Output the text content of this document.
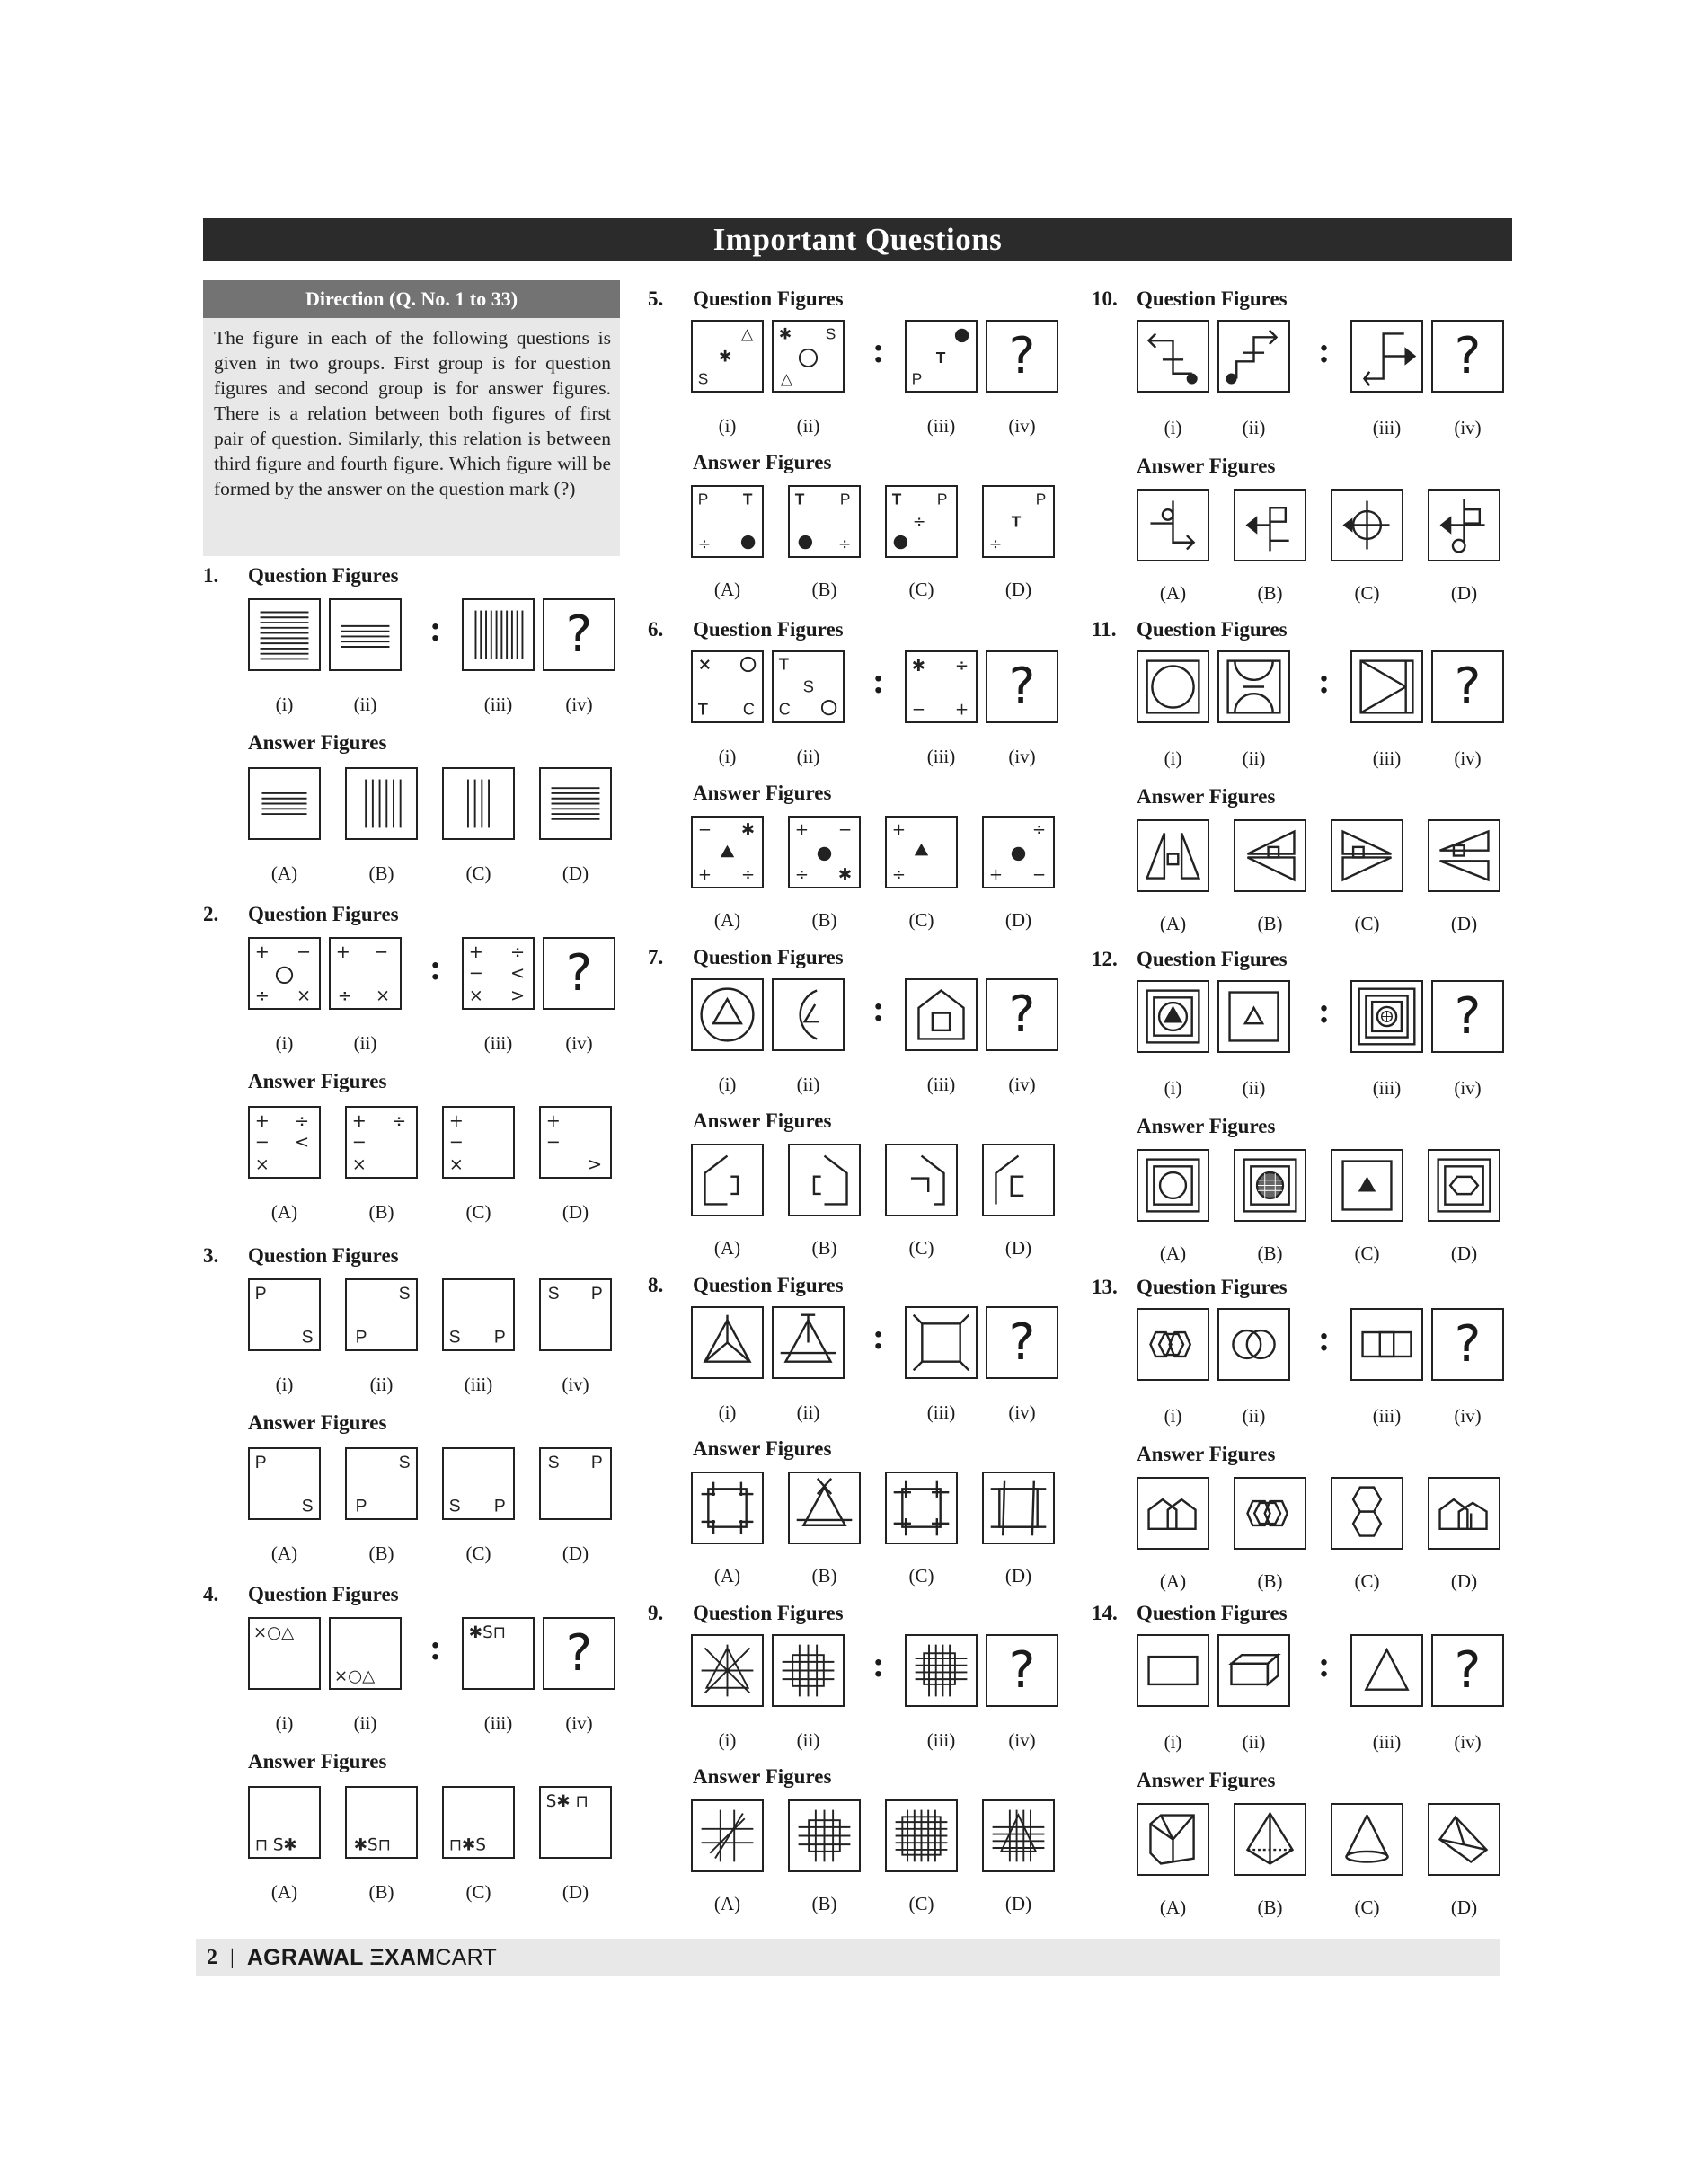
Important Questions
Direction (Q. No. 1 to 33)
The figure in each of the following questions is given in two groups. First group is for question figures and second group is for answer figures. There is a relation between both figures of first pair of question. Similarly, this relation is between third figure and fourth figure. Which figure will be formed by the answer on the question mark (?)
1. Question Figures
:	?
(i)	(ii)	(iii)	(iv)
Answer Figures
(A)	(B)	(C)	(D)
2. Question Figures
+ −
÷ ×
+ −
÷ ×
: + ÷
− <
× > ?
(i)	(ii)	(iii)	(iv)
Answer Figures
+ ÷
− <
×
+ ÷
−
×
+
−
×
+
−
>
(A)	(B)	(C)	(D)
3. Question Figures
P
S
S
P	S P
S P
(i)	(ii)	(iii)	(iv)
Answer Figures
P
S
S
P	S P
S P
(A)	(B)	(C)	(D)
4. Question Figures
×○△
×○△
: ✱S⊓	?
(i)	(ii)	(iii)	(iv)
Answer Figures
⊓ S✱	✱S⊓	⊓✱S
S✱ ⊓
(A)	(B)	(C)	(D)
5. Question Figures
△
✱
S
✱ S
△
:	T
P	?
(i)	(ii)	(iii)	(iv)
Answer Figures
P T
÷
T P
÷
T P
÷
P
T
÷
(A)	(B)	(C)	(D)
6. Question Figures
×
T C
T
S
C
: ✱ ÷
− + ?
(i)	(ii)	(iii)	(iv)
Answer Figures
− ✱
+ ÷
+ −
÷ ✱
+
÷
÷
+ −
(A)	(B)	(C)	(D)
7. Question Figures
:	?
(i)	(ii)	(iii)	(iv)
Answer Figures
(A)	(B)	(C)	(D)
8. Question Figures
:	?
(i)	(ii)	(iii)	(iv)
Answer Figures
(A)	(B)	(C)	(D)
9. Question Figures
:	?
(i)	(ii)	(iii)	(iv)
Answer Figures
(A)	(B)	(C)	(D)
10. Question Figures
:	?
(i)	(ii)	(iii)	(iv)
Answer Figures
(A)	(B)	(C)	(D)
11. Question Figures
:	?
(i)	(ii)	(iii)	(iv)
Answer Figures
(A)	(B)	(C)	(D)
12. Question Figures
:	?
(i)	(ii)	(iii)	(iv)
Answer Figures
(A)	(B)	(C)	(D)
13. Question Figures
:	?
(i)	(ii)	(iii)	(iv)
Answer Figures
(A)	(B)	(C)	(D)
14. Question Figures
:	?
(i)	(ii)	(iii)	(iv)
Answer Figures
(A)	(B)	(C)	(D)
2 | AGRAWAL ΞXAMCART
